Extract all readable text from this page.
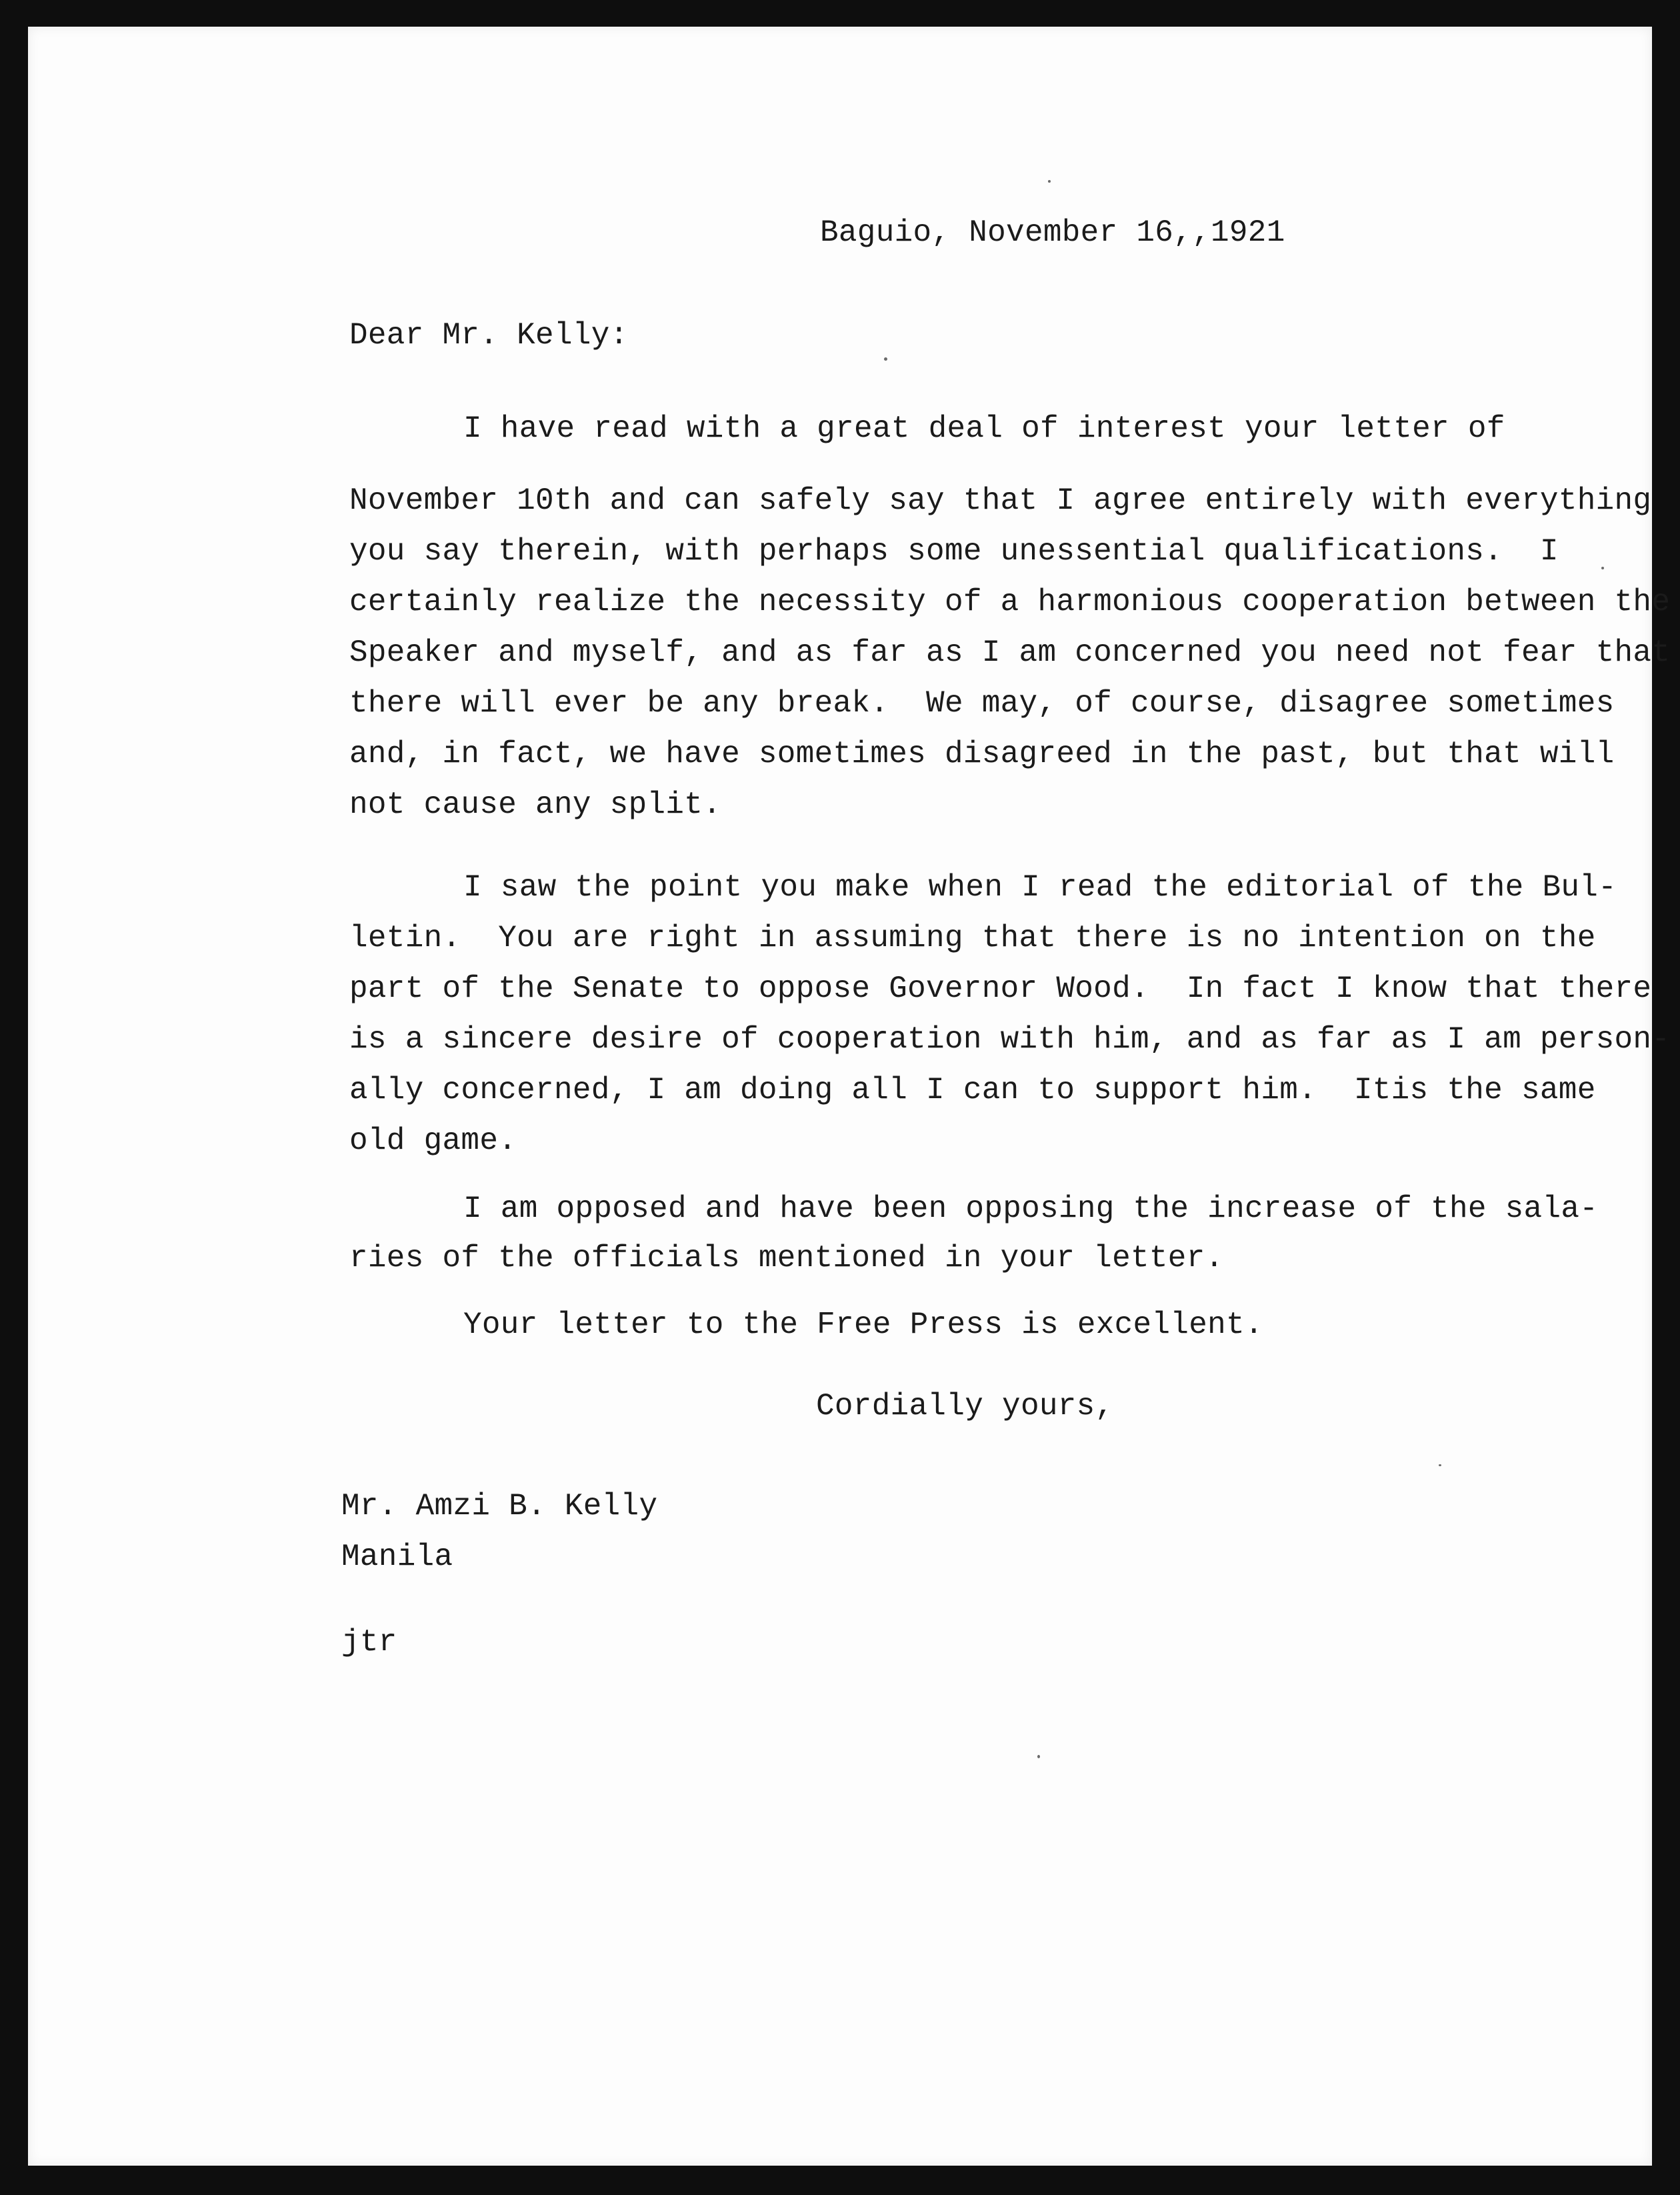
Baguio, November 16,,1921

Dear Mr. Kelly:

I have read with a great deal of interest your letter of

November 10th and can safely say that I agree entirely with everything

you say therein, with perhaps some unessential qualifications.  I

certainly realize the necessity of a harmonious cooperation between the

Speaker and myself, and as far as I am concerned you need not fear that

there will ever be any break.  We may, of course, disagree sometimes

and, in fact, we have sometimes disagreed in the past, but that will

not cause any split.

I saw the point you make when I read the editorial of the Bul-

letin.  You are right in assuming that there is no intention on the

part of the Senate to oppose Governor Wood.  In fact I know that there

is a sincere desire of cooperation with him, and as far as I am person-

ally concerned, I am doing all I can to support him.  Itis the same

old game.

I am opposed and have been opposing the increase of the sala-

ries of the officials mentioned in your letter.

Your letter to the Free Press is excellent.

Cordially yours,

Mr. Amzi B. Kelly

Manila

jtr
